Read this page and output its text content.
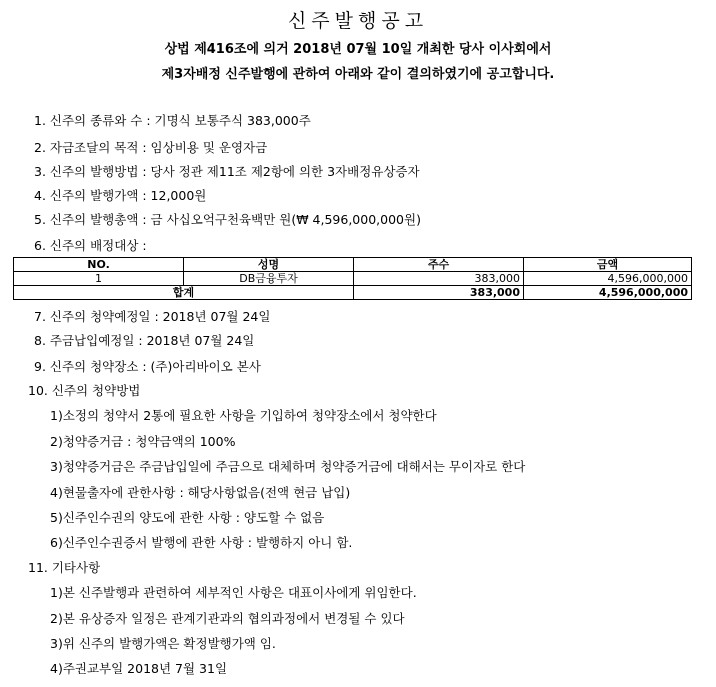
신주발행공고
상법 제416조에 의거 2018년 07월 10일 개최한 당사 이사회에서
제3자배정 신주발행에 관하여 아래와 같이 결의하였기에 공고합니다.
1. 신주의 종류와 수 : 기명식 보통주식 383,000주
2. 자금조달의 목적 : 임상비용 및 운영자금
3. 신주의 발행방법 : 당사 정관 제11조 제2항에 의한 3자배정유상증자
4. 신주의 발행가액 : 12,000원
5. 신주의 발행총액 : 금 사십오억구천육백만 원(₩ 4,596,000,000원)
6. 신주의 배정대상 :
NO.	성명	주수	금액
1	DB금융투자	383,000	4,596,000,000
합계		383,000	4,596,000,000
7. 신주의 청약예정일 : 2018년 07월 24일
8. 주금납입예정일 : 2018년 07월 24일
9. 신주의 청약장소 : (주)아리바이오 본사
10. 신주의 청약방법
1)소정의 청약서 2통에 필요한 사항을 기입하여 청약장소에서 청약한다
2)청약증거금 : 청약금액의 100%
3)청약증거금은 주금납입일에 주금으로 대체하며 청약증거금에 대해서는 무이자로 한다
4)현물출자에 관한사항 : 해당사항없음(전액 현금 납입)
5)신주인수권의 양도에 관한 사항 : 양도할 수 없음
6)신주인수권증서 발행에 관한 사항 : 발행하지 아니 함.
11. 기타사항
1)본 신주발행과 관련하여 세부적인 사항은 대표이사에게 위임한다.
2)본 유상증자 일정은 관계기관과의 협의과정에서 변경될 수 있다
3)위 신주의 발행가액은 확정발행가액 임.
4)주권교부일 2018년 7월 31일
